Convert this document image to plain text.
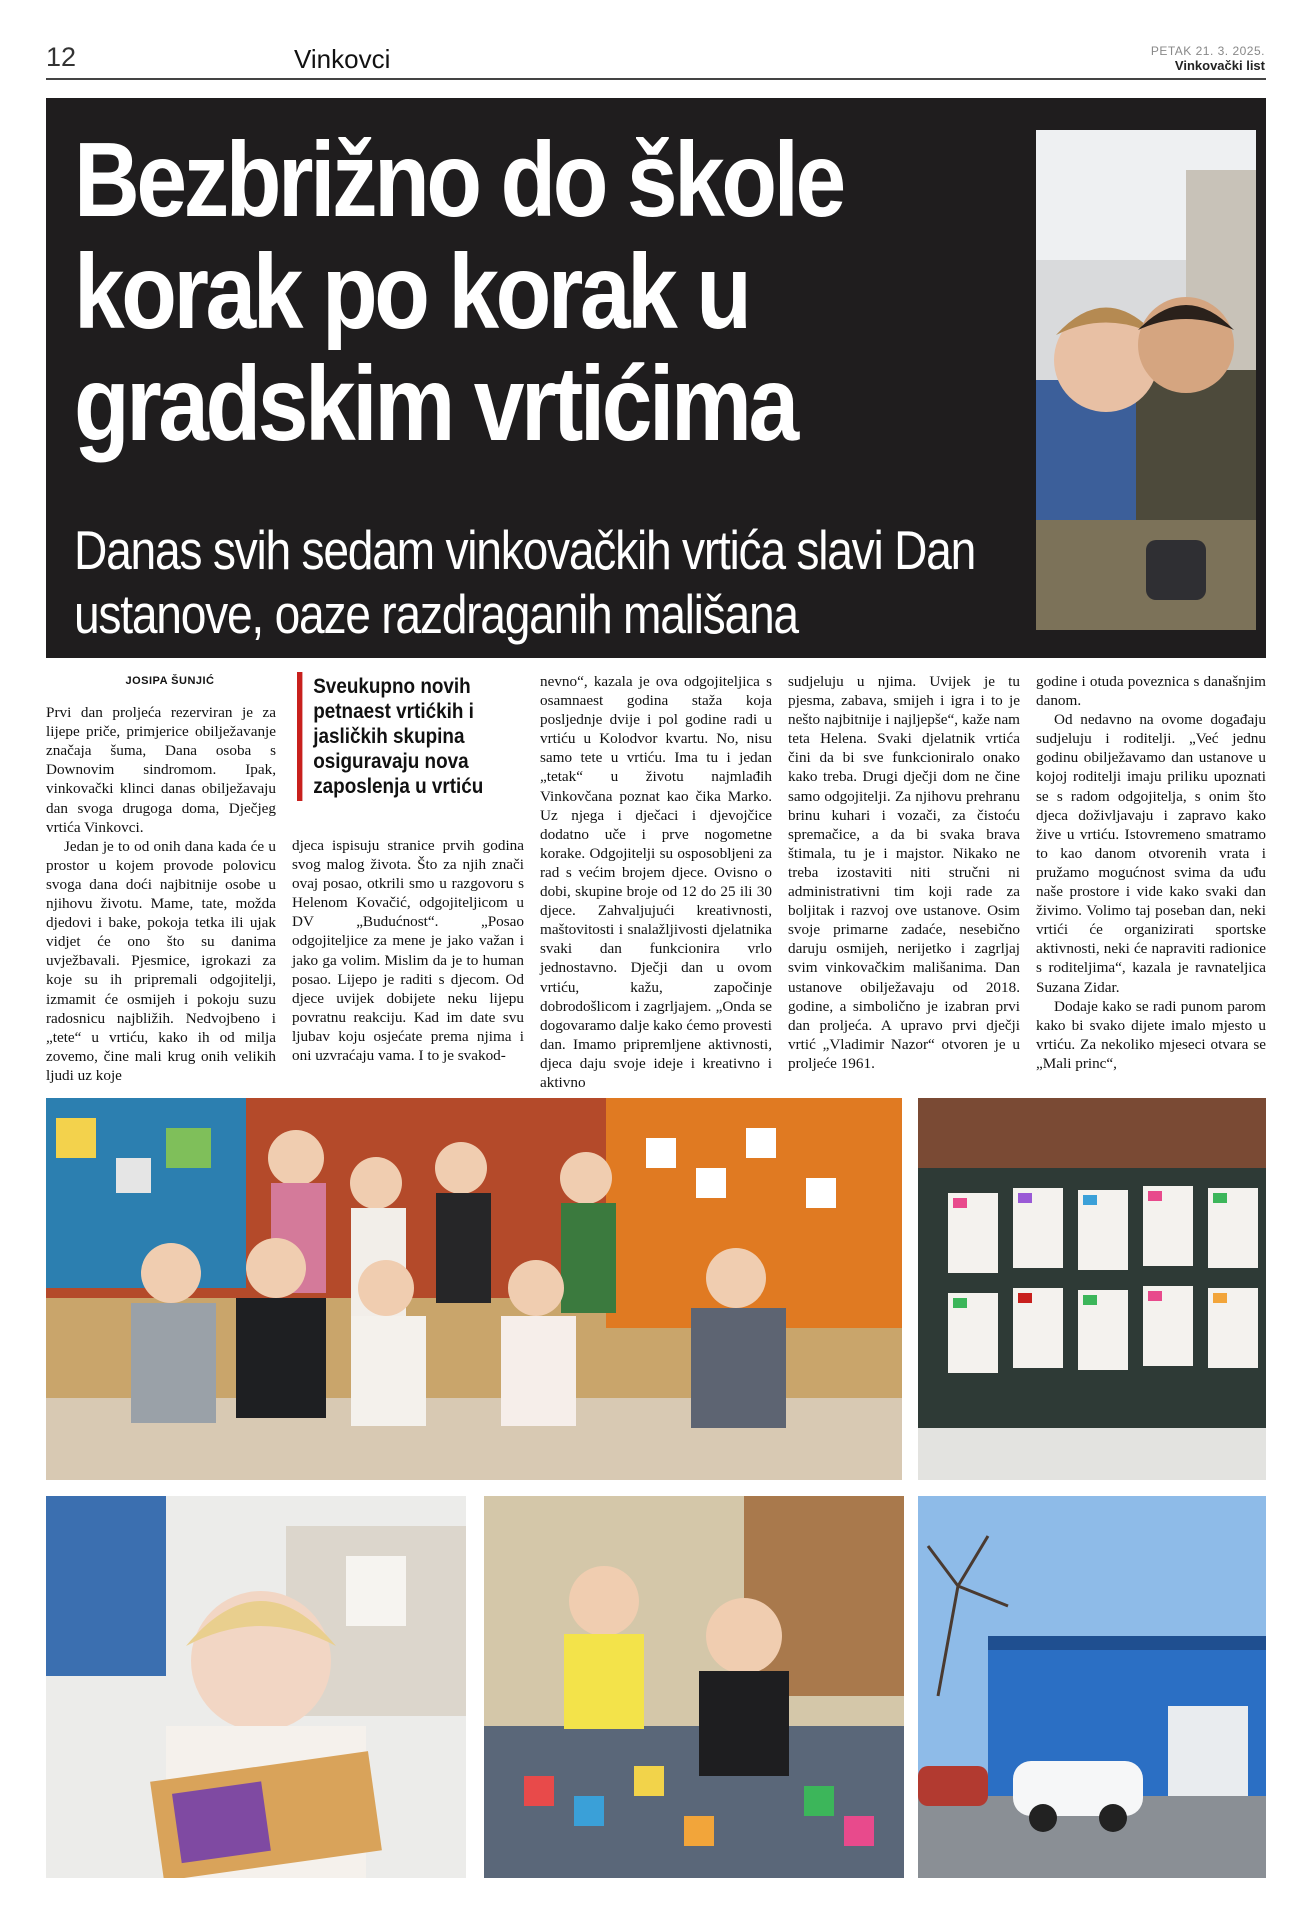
12	Vinkovci	PETAK 21. 3. 2025.
Vinkovački list
Bezbrižno do škole korak po korak u gradskim vrtićima
Danas svih sedam vinkovačkih vrtića slavi Dan ustanove, oaze razdraganih mališana

JOSIPA ŠUNJIĆ

Prvi dan proljeća rezerviran je za lijepe priče, primjerice obilježavanje značaja šuma, Dana osoba s Downovim sindromom. Ipak, vinkovački klinci danas obilježavaju dan svoga drugoga doma, Dječjeg vrtića Vinkovci.

Jedan je to od onih dana kada će u prostor u kojem provode polovicu svoga dana doći najbitnije osobe u njihovu životu. Mame, tate, možda djedovi i bake, pokoja tetka ili ujak vidjet će ono što su danima uvježbavali. Pjesmice, igrokazi za koje su ih pripremali odgojitelji, izmamit će osmijeh i pokoju suzu radosnicu najbližih. Nedvojbeno i „tete“ u vrtiću, kako ih od milja zovemo, čine mali krug onih velikih ljudi uz koje

Sveukupno novih petnaest vrtićkih i jasličkih skupina osiguravaju nova zaposlenja u vrtiću

djeca ispisuju stranice prvih godina svog malog života. Što za njih znači ovaj posao, otkrili smo u razgovoru s Helenom Kovačić, odgojiteljicom u DV „Budućnost“. „Posao odgojiteljice za mene je jako važan i jako ga volim. Mislim da je to human posao. Lijepo je raditi s djecom. Od djece uvijek dobijete neku lijepu povratnu reakciju. Kad im date svu ljubav koju osjećate prema njima i oni uzvraćaju vama. I to je svakod-

nevno“, kazala je ova odgojiteljica s osamnaest godina staža koja posljednje dvije i pol godine radi u vrtiću u Kolodvor kvartu. No, nisu samo tete u vrtiću. Ima tu i jedan „tetak“ u životu najmlađih Vinkovčana poznat kao čika Marko. Uz njega i dječaci i djevojčice dodatno uče i prve nogometne korake. Odgojitelji su osposobljeni za rad s većim brojem djece. Ovisno o dobi, skupine broje od 12 do 25 ili 30 djece. Zahvaljujući kreativnosti, maštovitosti i snalažljivosti djelatnika svaki dan funkcionira vrlo jednostavno. Dječji dan u ovom vrtiću, kažu, započinje dobrodošlicom i zagrljajem. „Onda se dogovaramo dalje kako ćemo provesti dan. Imamo pripremljene aktivnosti, djeca daju svoje ideje i kreativno i aktivno

sudjeluju u njima. Uvijek je tu pjesma, zabava, smijeh i igra i to je nešto najbitnije i najljepše“, kaže nam teta Helena. Svaki djelatnik vrtića čini da bi sve funkcioniralo onako kako treba. Drugi dječji dom ne čine samo odgojitelji. Za njihovu prehranu brinu kuhari i vozači, za čistoću spremačice, a da bi svaka brava štimala, tu je i majstor. Nikako ne treba izostaviti niti stručni ni administrativni tim koji rade za boljitak i razvoj ove ustanove. Osim svoje primarne zadaće, nesebično daruju osmijeh, nerijetko i zagrljaj svim vinkovačkim mališanima. Dan ustanove obilježavaju od 2018. godine, a simbolično je izabran prvi dan proljeća. A upravo prvi dječji vrtić „Vladimir Nazor“ otvoren je u proljeće 1961.

godine i otuda poveznica s današnjim danom.

Od nedavno na ovome događaju sudjeluju i roditelji. „Već jednu godinu obilježavamo dan ustanove u kojoj roditelji imaju priliku upoznati se s radom odgojitelja, s onim što djeca doživljavaju i zapravo kako žive u vrtiću. Istovremeno smatramo to kao danom otvorenih vrata i pružamo mogućnost svima da uđu naše prostore i vide kako svaki dan živimo. Volimo taj poseban dan, neki vrtići će organizirati sportske aktivnosti, neki će napraviti radionice s roditeljima“, kazala je ravnateljica Suzana Zidar.

Dodaje kako se radi punom parom kako bi svako dijete imalo mjesto u vrtiću. Za nekoliko mjeseci otvara se „Mali princ“,
